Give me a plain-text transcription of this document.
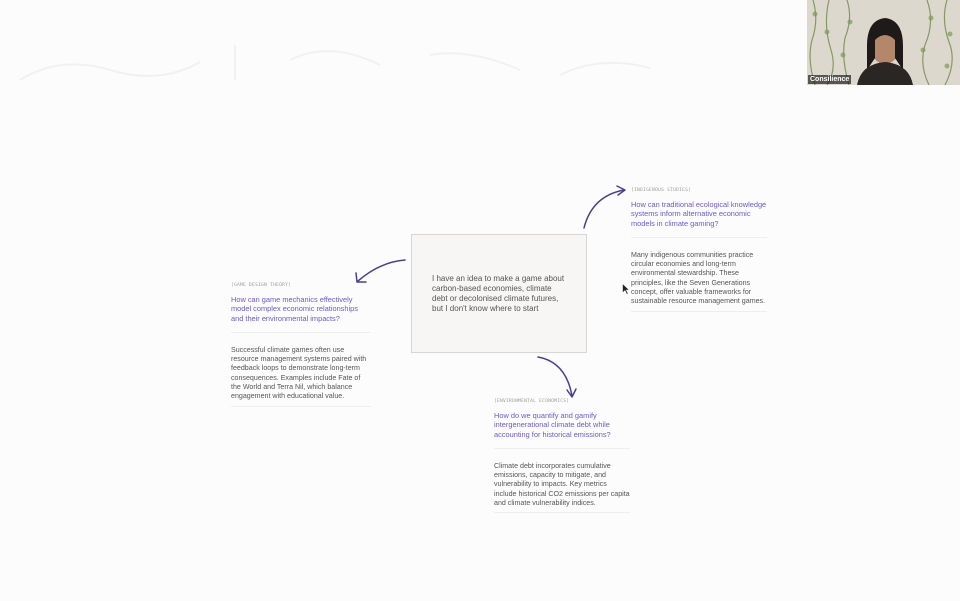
I have an idea to make a game about carbon-based economies, climate debt or decolonised climate futures, but I don't know where to start

[GAME DESIGN THEORY]

How can game mechanics effectively model complex economic relationships and their environmental impacts?

Successful climate games often use resource management systems paired with feedback loops to demonstrate long-term consequences. Examples include Fate of the World and Terra Nil, which balance engagement with educational value.

[INDIGENOUS STUDIES]

How can traditional ecological knowledge systems inform alternative economic models in climate gaming?

Many indigenous communities practice circular economies and long-term environmental stewardship. These principles, like the Seven Generations concept, offer valuable frameworks for sustainable resource management games.

[ENVIRONMENTAL ECONOMICS]

How do we quantify and gamify intergenerational climate debt while accounting for historical emissions?

Climate debt incorporates cumulative emissions, capacity to mitigate, and vulnerability to impacts. Key metrics include historical CO2 emissions per capita and climate vulnerability indices.

Consilience
